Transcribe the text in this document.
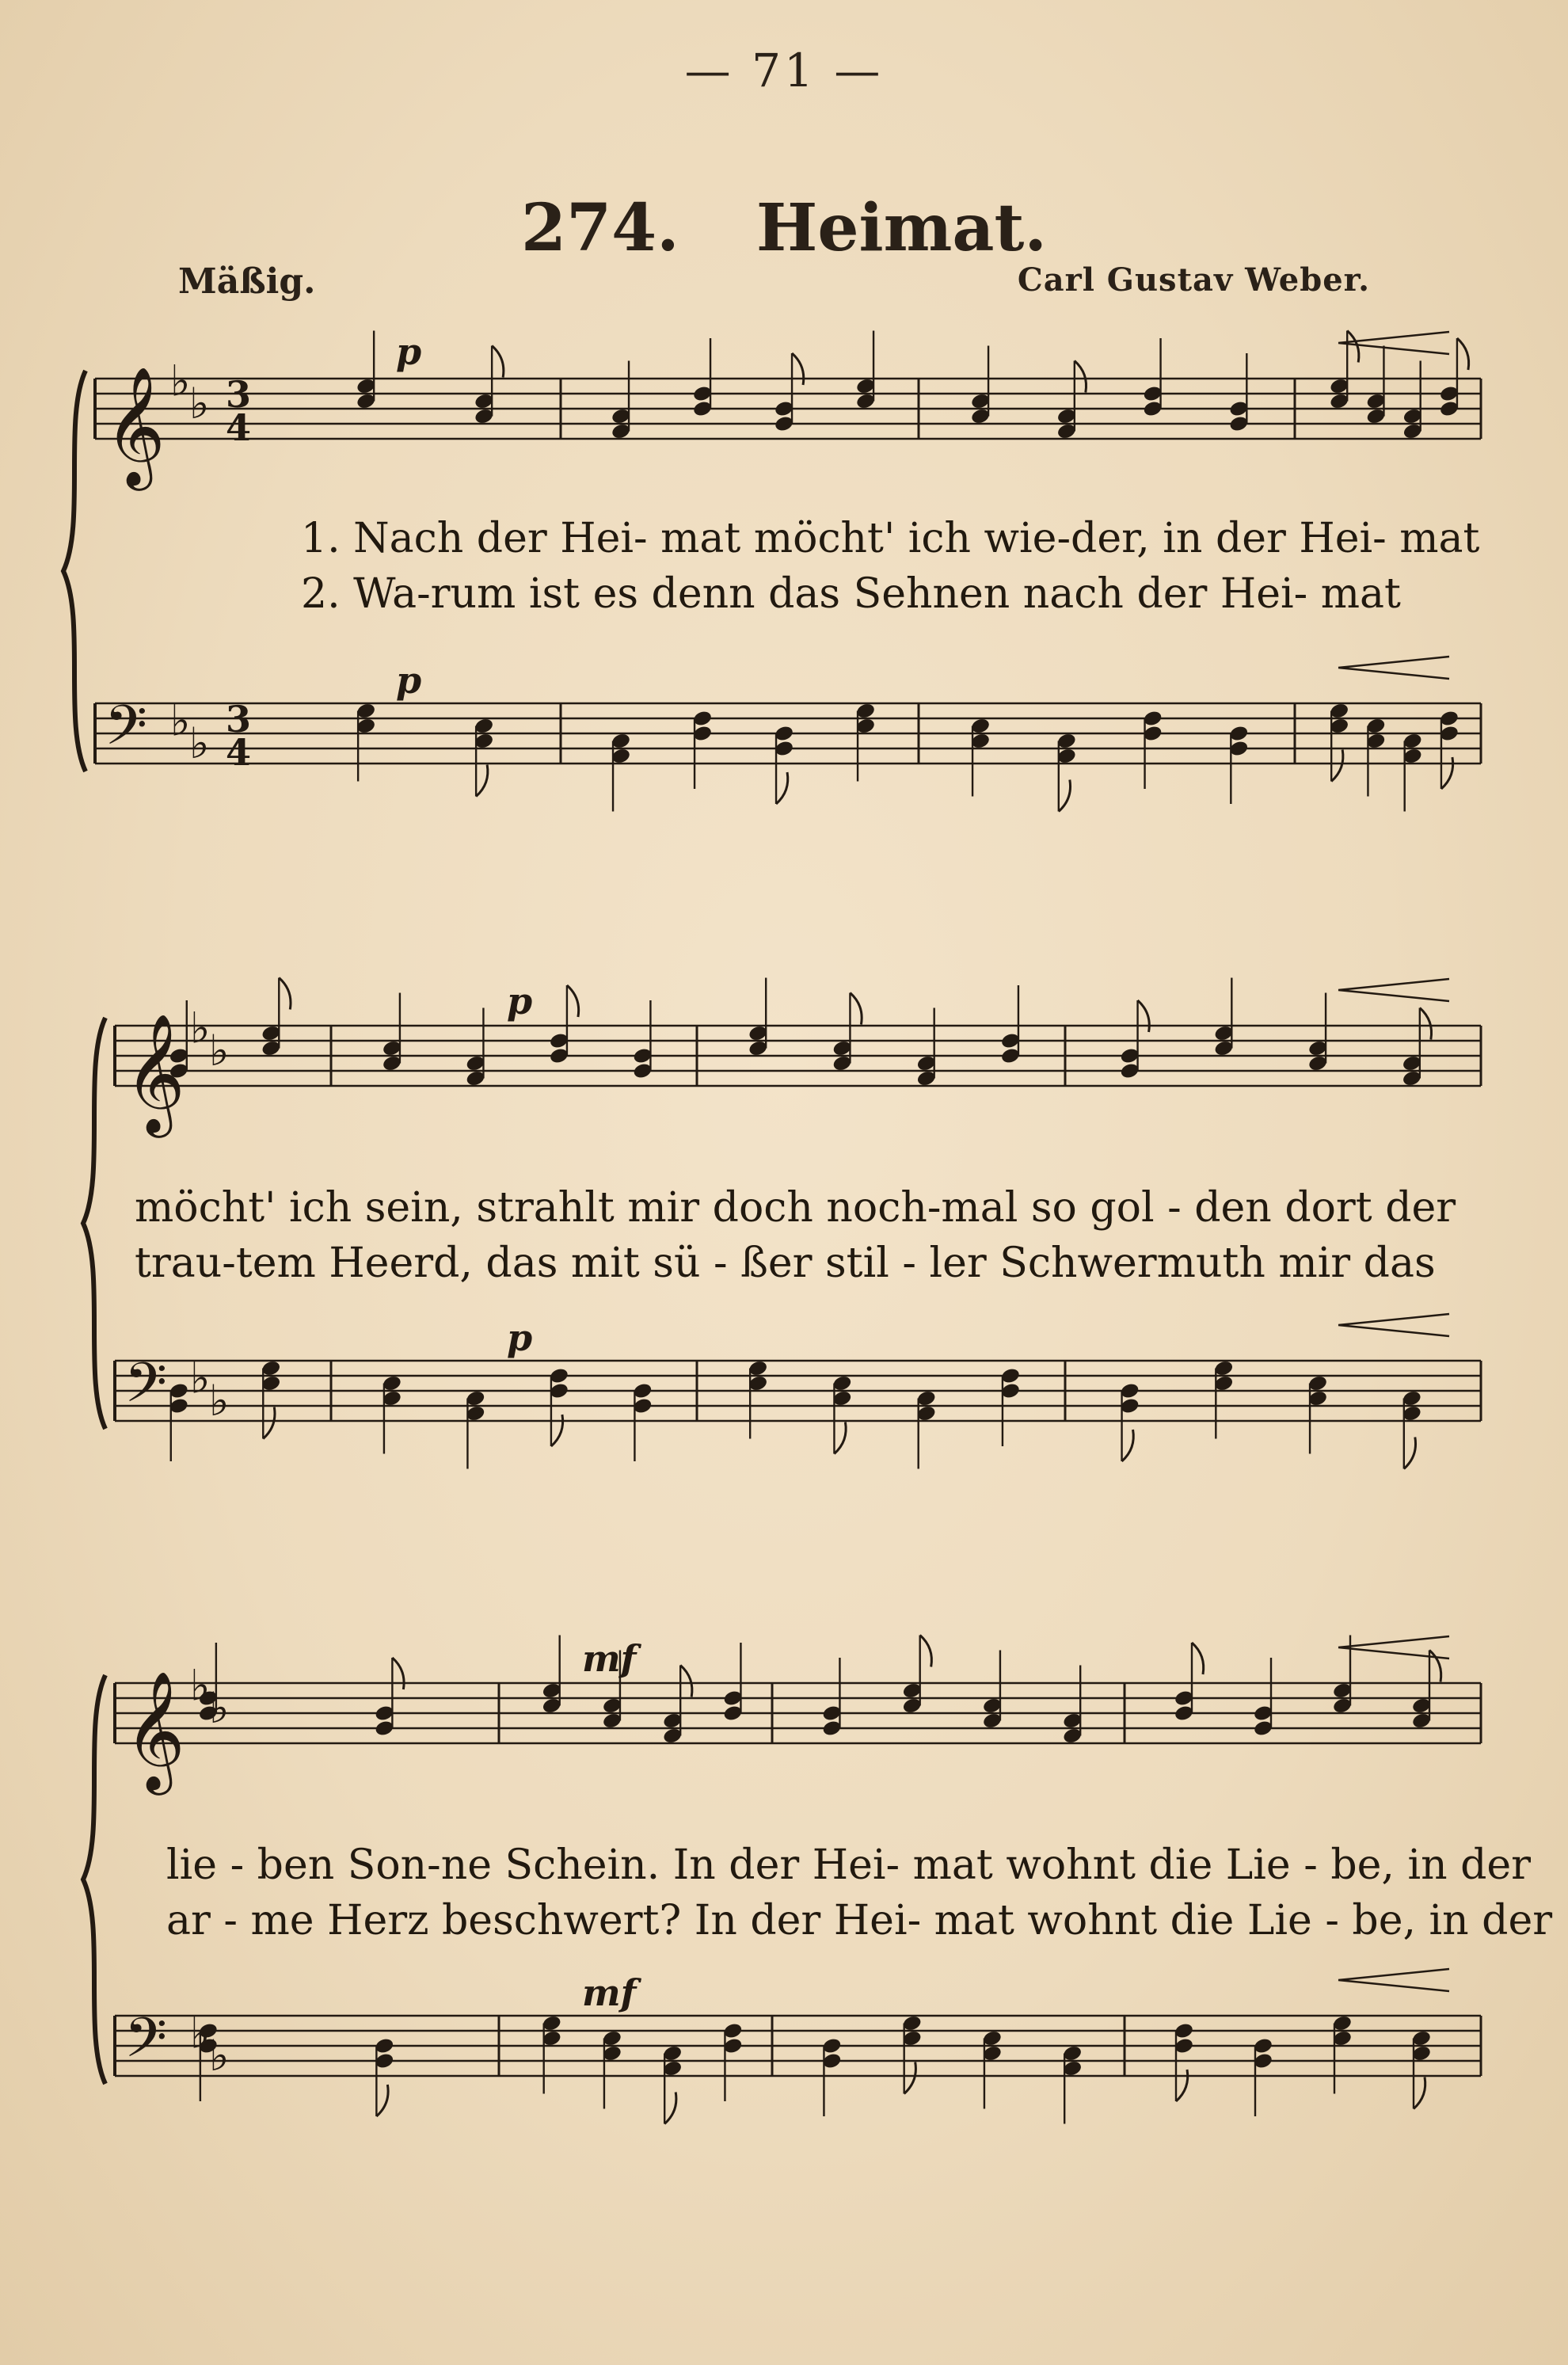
— 71 —
274. Heimat.
Mäßig.	Carl Gustav Weber.
𝄞 ♭
♭ 3
4
𝄢 ♭
♭ 3
4
p
p
𝄞 ♭
♭
𝄢 ♭
♭
p
p
𝄞 ♭
♭
𝄢 ♭
♭
mf
mf
1. Nach der Hei- mat möcht' ich wie-der, in der Hei- mat
2. Wa-rum ist es denn das Sehnen nach der Hei- mat
möcht' ich sein, strahlt mir doch noch-mal so gol - den dort der
trau-tem Heerd, das mit sü - ßer stil - ler Schwermuth mir das
lie - ben Son-ne Schein. In der Hei- mat wohnt die Lie - be, in der
ar - me Herz beschwert? In der Hei- mat wohnt die Lie - be, in der
